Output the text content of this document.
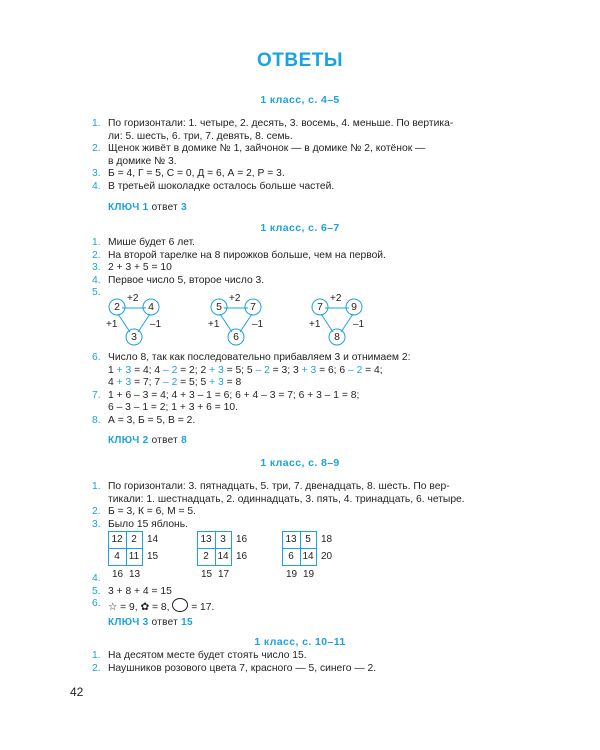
ОТВЕТЫ
1 класс, с. 4–5
1. По горизонтали: 1. четыре, 2. десять, 3. восемь, 4. меньше. По вертика-
ли: 5. шесть, 6. три, 7. девять, 8. семь.
2. Щенок живёт в домике № 1, зайчонок — в домике № 2, котёнок —
в домике № 3.
3. Б = 4, Г = 5, С = 0, Д = 6, А = 2, Р = 3.
4. В третьей шоколадке осталось больше частей.
КЛЮЧ 1 ответ 3
1 класс, с. 6–7
1. Мише будет 6 лет.
2. На второй тарелке на 8 пирожков больше, чем на первой.
3. 2 + 3 + 5 = 10
4. Первое число 5, второе число 3.
5.

2	4
3
+2
+1	–1
5	7
6
+2
+1	–1
7	9
8
+2
+1	–1
6. Число 8, так как последовательно прибавляем 3 и отнимаем 2:
1 + 3 = 4; 4 – 2 = 2; 2 + 3 = 5; 5 – 2 = 3; 3 + 3 = 6; 6 – 2 = 4;
4 + 3 = 7; 7 – 2 = 5; 5 + 3 = 8
7. 1 + 6 – 3 = 4; 4 + 3 – 1 = 6; 6 + 4 – 3 = 7; 6 + 3 – 1 = 8;
6 – 3 – 1 = 2; 1 + 3 + 6 = 10.
8. А = 3, Б = 5, В = 2.
КЛЮЧ 2 ответ 8
1 класс, с. 8–9
1. По горизонтали: 3. пятнадцать, 5. три, 7. двенадцать, 8. шесть. По вер-
тикали: 1. шестнадцать, 2. одиннадцать, 3. пять, 4. тринадцать, 6. четыре.
2. Б = 3, К = 6, М = 5.
3. Было 15 яблонь.
12 2	14
4 11 15
16 13
13 3	16
2 14 16
15 17
13 5	18
6 14 20
19 19
4.

5. 3 + 8 + 4 = 15
6. ☆ = 9, ✿ = 8, = 17.
КЛЮЧ 3 ответ 15
1 класс, с. 10–11
1. На десятом месте будет стоять число 15.
2. Наушников розового цвета 7, красного — 5, синего — 2.
42
